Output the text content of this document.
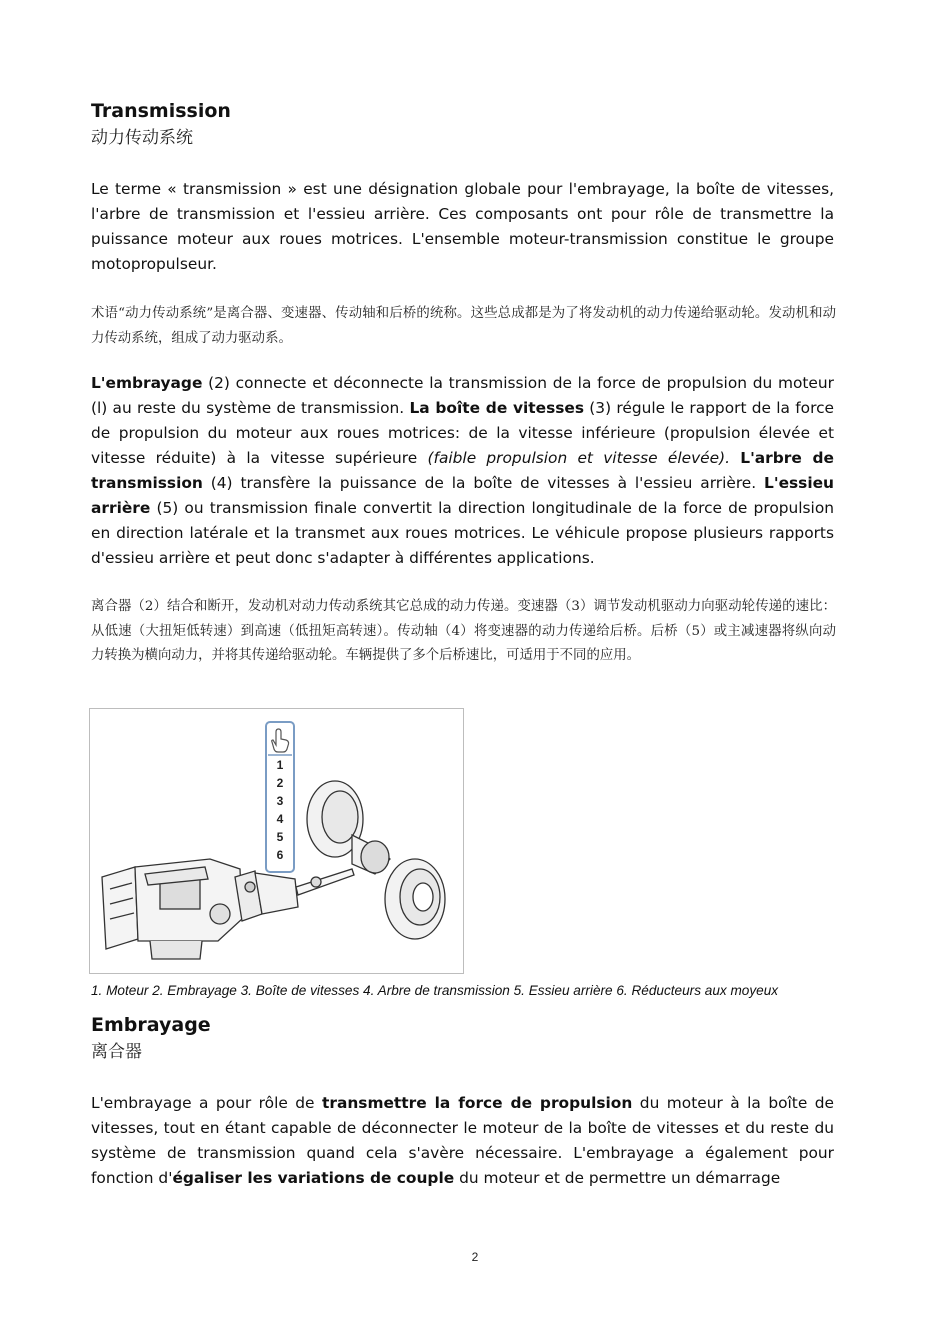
Transmission
动力传动系统

Le terme « transmission » est une désignation globale pour l'embrayage, la boîte de vitesses, l'arbre de transmission et l'essieu arrière. Ces composants ont pour rôle de transmettre la puissance moteur aux roues motrices. L'ensemble moteur-transmission constitue le groupe motopropulseur.

术语“动力传动系统”是离合器、变速器、传动轴和后桥的统称。这些总成都是为了将发动机的动力传递给驱动轮。发动机和动力传动系统，组成了动力驱动系。

L'embrayage (2) connecte et déconnecte la transmission de la force de propulsion du moteur (l) au reste du système de transmission. La boîte de vitesses (3) régule le rapport de la force de propulsion du moteur aux roues motrices: de la vitesse inférieure (propulsion élevée et vitesse réduite) à la vitesse supérieure (faible propulsion et vitesse élevée). L'arbre de transmission (4) transfère la puissance de la boîte de vitesses à l'essieu arrière. L'essieu arrière (5) ou transmission finale convertit la direction longitudinale de la force de propulsion en direction latérale et la transmet aux roues motrices. Le véhicule propose plusieurs rapports d'essieu arrière et peut donc s'adapter à différentes applications.

离合器（2）结合和断开，发动机对动力传动系统其它总成的动力传递。变速器（3）调节发动机驱动力向驱动轮传递的速比：从低速（大扭矩低转速）到高速（低扭矩高转速）。传动轴（4）将变速器的动力传递给后桥。后桥（5）或主减速器将纵向动力转换为横向动力，并将其传递给驱动轮。车辆提供了多个后桥速比，可适用于不同的应用。

1
2
3
4
5
6

1. Moteur 2. Embrayage 3. Boîte de vitesses 4. Arbre de transmission 5. Essieu arrière 6. Réducteurs aux moyeux

Embrayage
离合器

L'embrayage a pour rôle de transmettre la force de propulsion du moteur à la boîte de vitesses, tout en étant capable de déconnecter le moteur de la boîte de vitesses et du reste du système de transmission quand cela s'avère nécessaire. L'embrayage a également pour fonction d'égaliser les variations de couple du moteur et de permettre un démarrage

2
